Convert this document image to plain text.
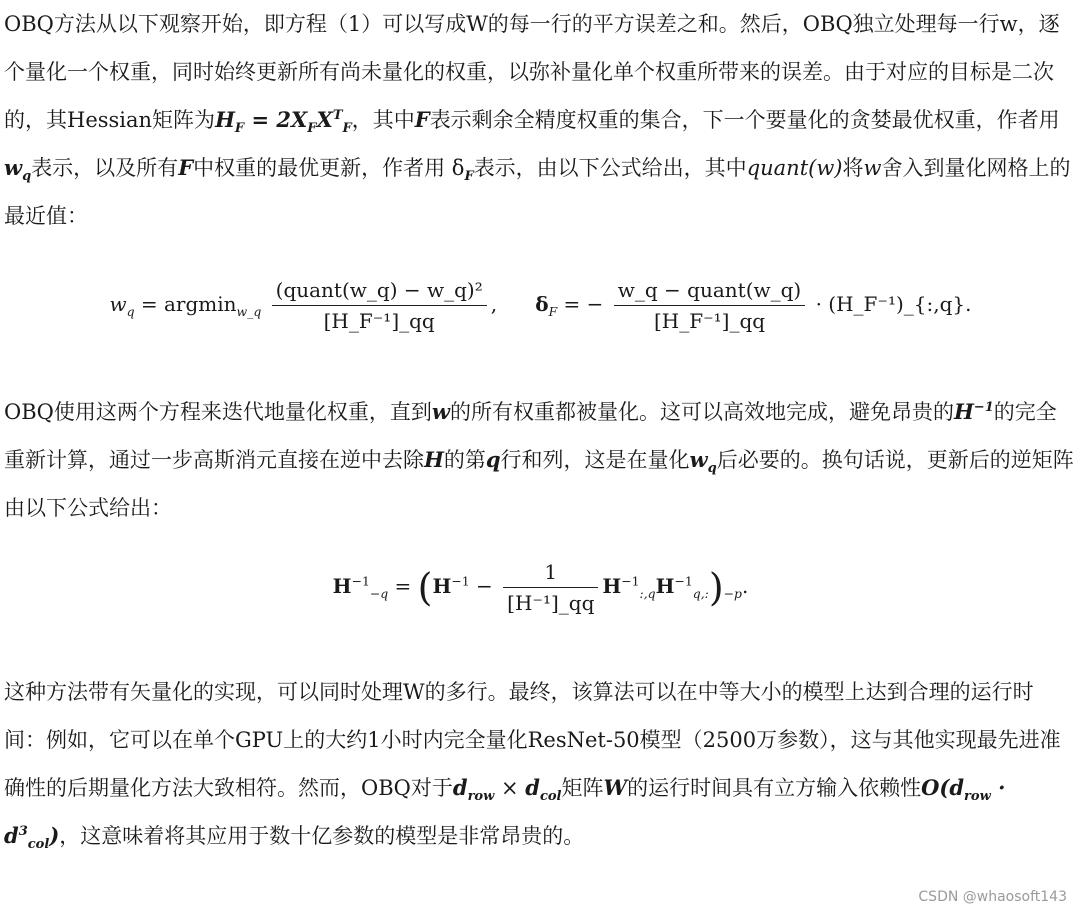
OBQ方法从以下观察开始，即方程（1）可以写成W的每一行的平方误差之和。然后，OBQ独立处理每一行w，逐个量化一个权重，同时始终更新所有尚未量化的权重，以弥补量化单个权重所带来的误差。由于对应的目标是二次的，其Hessian矩阵为$H_F = 2X_FX^T_F$，其中F表示剩余全精度权重的集合，下一个要量化的贪婪最优权重，作者用$w_q$表示，以及所有F中权重的最优更新，作者用 $\delta_F$表示，由以下公式给出，其中quant(w)将w舍入到量化网格上的最近值：

$w_q = argmin_{w\_q} \frac{\text{(quant(w\_q) − w\_q)²}}{\text{[H\_F⁻¹]\_qq}}$ , $\delta_F$ = − $\frac{\text{w\_q − quant(w\_q)}}{\text{[H\_F⁻¹]\_qq}}$ · (H_F⁻¹)_{:,q}.

OBQ使用这两个方程来迭代地量化权重，直到w的所有权重都被量化。这可以高效地完成，避免昂贵的$H^{-1}$的完全重新计算，通过一步高斯消元直接在逆中去除H的第q行和列，这是在量化$w_q$后必要的。换句话说，更新后的逆矩阵由以下公式给出：

$H^{-1}_{-q} = (H^{-1} - \frac{1}{\text{[H⁻¹]\_qq}} H^{-1}_{:,q}H^{-1}_{q,:})_{-p}$.

这种方法带有矢量化的实现，可以同时处理W的多行。最终，该算法可以在中等大小的模型上达到合理的运行时间：例如，它可以在单个GPU上的大约1小时内完全量化ResNet-50模型（2500万参数），这与其他实现最先进准确性的后期量化方法大致相符。然而，OBQ对于$d_{row} \times d_{col}$矩阵W的运行时间具有立方输入依赖性$O(d_{row} \cdot d^3_{col})$，这意味着将其应用于数十亿参数的模型是非常昂贵的。

CSDN @whaosoft143
